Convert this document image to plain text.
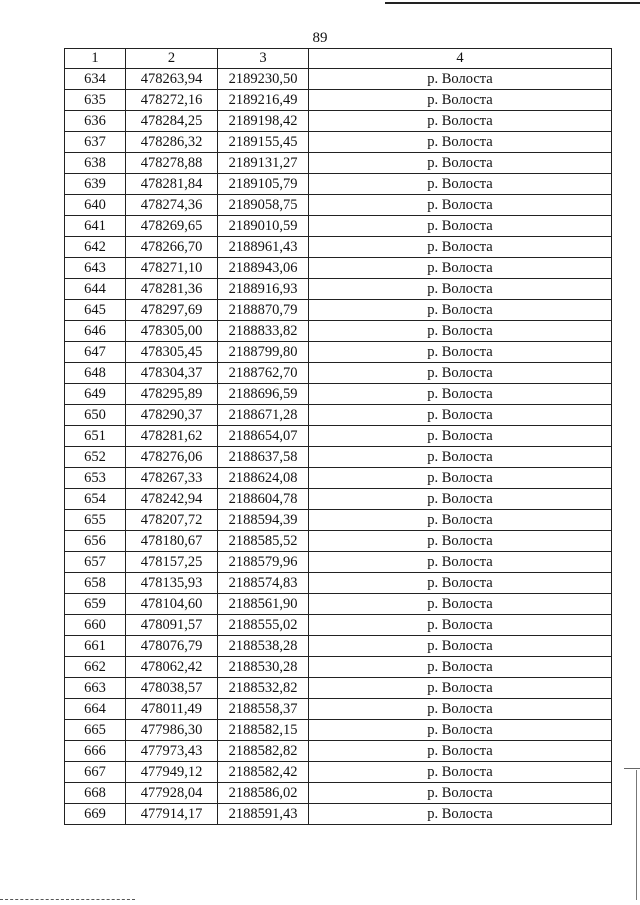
89
1	2	3	4
634	478263,94	2189230,50	р. Волоста
635	478272,16	2189216,49	р. Волоста
636	478284,25	2189198,42	р. Волоста
637	478286,32	2189155,45	р. Волоста
638	478278,88	2189131,27	р. Волоста
639	478281,84	2189105,79	р. Волоста
640	478274,36	2189058,75	р. Волоста
641	478269,65	2189010,59	р. Волоста
642	478266,70	2188961,43	р. Волоста
643	478271,10	2188943,06	р. Волоста
644	478281,36	2188916,93	р. Волоста
645	478297,69	2188870,79	р. Волоста
646	478305,00	2188833,82	р. Волоста
647	478305,45	2188799,80	р. Волоста
648	478304,37	2188762,70	р. Волоста
649	478295,89	2188696,59	р. Волоста
650	478290,37	2188671,28	р. Волоста
651	478281,62	2188654,07	р. Волоста
652	478276,06	2188637,58	р. Волоста
653	478267,33	2188624,08	р. Волоста
654	478242,94	2188604,78	р. Волоста
655	478207,72	2188594,39	р. Волоста
656	478180,67	2188585,52	р. Волоста
657	478157,25	2188579,96	р. Волоста
658	478135,93	2188574,83	р. Волоста
659	478104,60	2188561,90	р. Волоста
660	478091,57	2188555,02	р. Волоста
661	478076,79	2188538,28	р. Волоста
662	478062,42	2188530,28	р. Волоста
663	478038,57	2188532,82	р. Волоста
664	478011,49	2188558,37	р. Волоста
665	477986,30	2188582,15	р. Волоста
666	477973,43	2188582,82	р. Волоста
667	477949,12	2188582,42	р. Волоста
668	477928,04	2188586,02	р. Волоста
669	477914,17	2188591,43	р. Волоста
